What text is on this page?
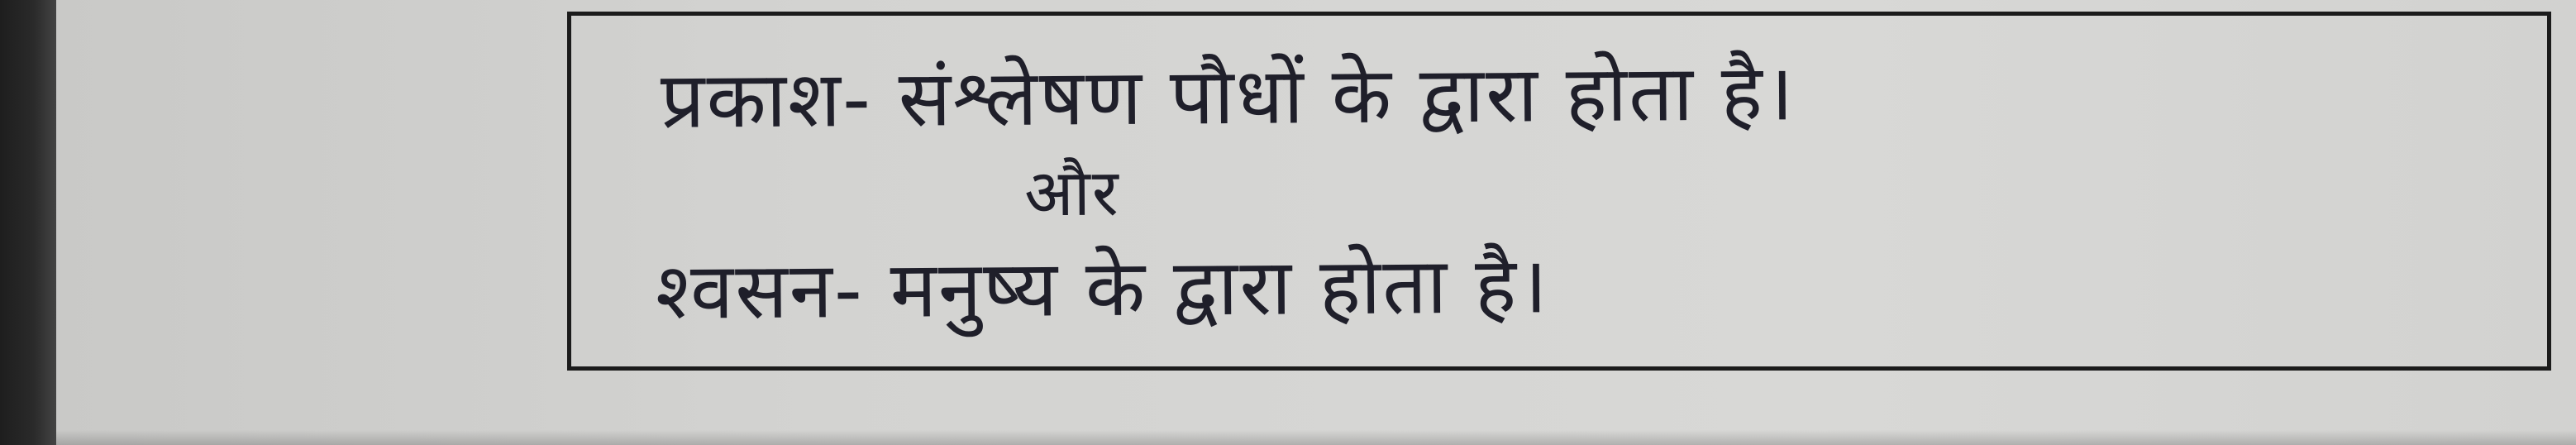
प्रकाश- संश्लेषण पौधों के द्वारा होता है।
और
श्वसन- मनुष्य के द्वारा होता है।
